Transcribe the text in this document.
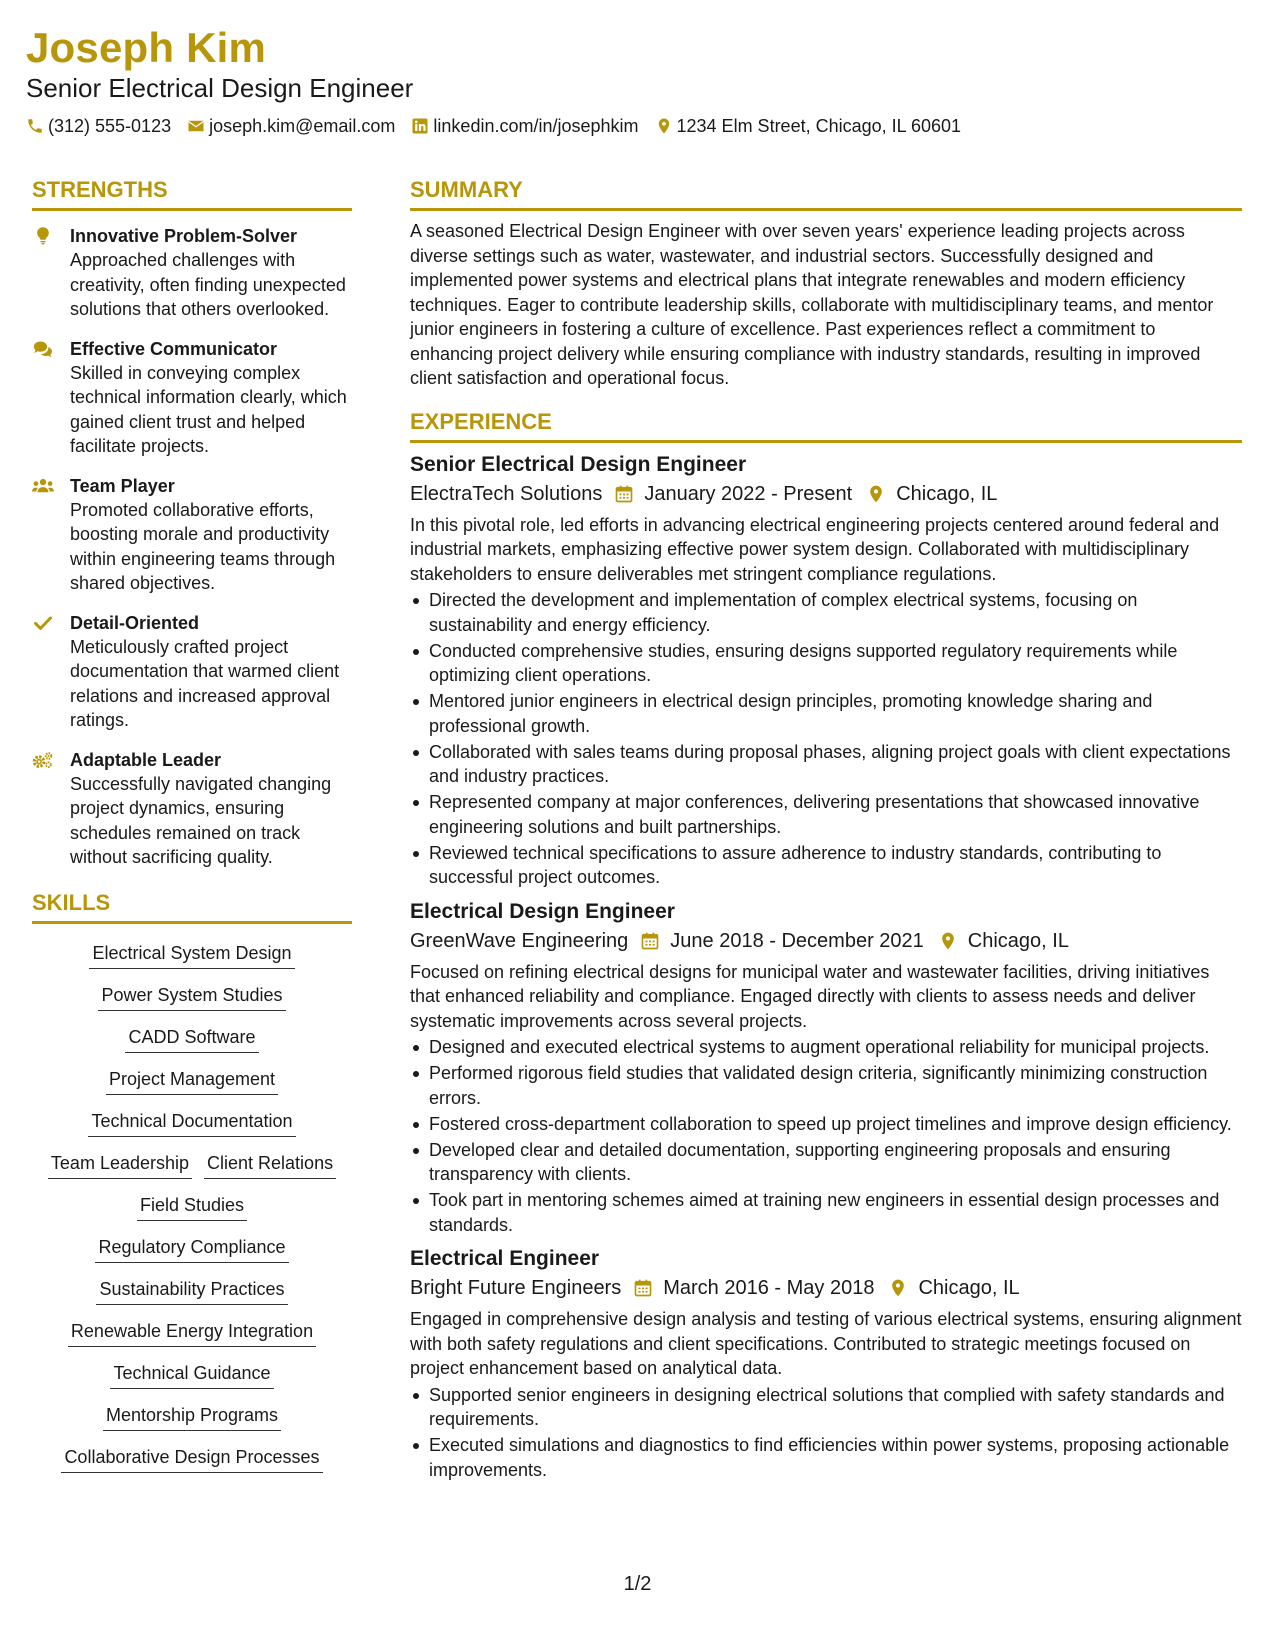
Joseph Kim
Senior Electrical Design Engineer
(312) 555-0123 joseph.kim@email.com linkedin.com/in/josephkim 1234 Elm Street, Chicago, IL 60601
STRENGTHS
Innovative Problem-Solver
Approached challenges with creativity, often finding unexpected solutions that others overlooked.
Effective Communicator
Skilled in conveying complex technical information clearly, which gained client trust and helped facilitate projects.
Team Player
Promoted collaborative efforts, boosting morale and productivity within engineering teams through shared objectives.
Detail-Oriented
Meticulously crafted project documentation that warmed client relations and increased approval ratings.
Adaptable Leader
Successfully navigated changing project dynamics, ensuring schedules remained on track without sacrificing quality.
SKILLS
Electrical System Design
Power System Studies
CADD Software
Project Management
Technical Documentation
Team Leadership Client Relations
Field Studies
Regulatory Compliance
Sustainability Practices
Renewable Energy Integration
Technical Guidance
Mentorship Programs
Collaborative Design Processes
SUMMARY
A seasoned Electrical Design Engineer with over seven years' experience leading projects across diverse settings such as water, wastewater, and industrial sectors. Successfully designed and implemented power systems and electrical plans that integrate renewables and modern efficiency techniques. Eager to contribute leadership skills, collaborate with multidisciplinary teams, and mentor junior engineers in fostering a culture of excellence. Past experiences reflect a commitment to enhancing project delivery while ensuring compliance with industry standards, resulting in improved client satisfaction and operational focus.
EXPERIENCE
Senior Electrical Design Engineer
ElectraTech Solutions January 2022 - Present Chicago, IL
In this pivotal role, led efforts in advancing electrical engineering projects centered around federal and industrial markets, emphasizing effective power system design. Collaborated with multidisciplinary stakeholders to ensure deliverables met stringent compliance regulations.
Directed the development and implementation of complex electrical systems, focusing on sustainability and energy efficiency.
Conducted comprehensive studies, ensuring designs supported regulatory requirements while optimizing client operations.
Mentored junior engineers in electrical design principles, promoting knowledge sharing and professional growth.
Collaborated with sales teams during proposal phases, aligning project goals with client expectations and industry practices.
Represented company at major conferences, delivering presentations that showcased innovative engineering solutions and built partnerships.
Reviewed technical specifications to assure adherence to industry standards, contributing to successful project outcomes.
Electrical Design Engineer
GreenWave Engineering June 2018 - December 2021 Chicago, IL
Focused on refining electrical designs for municipal water and wastewater facilities, driving initiatives that enhanced reliability and compliance. Engaged directly with clients to assess needs and deliver systematic improvements across several projects.
Designed and executed electrical systems to augment operational reliability for municipal projects.
Performed rigorous field studies that validated design criteria, significantly minimizing construction errors.
Fostered cross-department collaboration to speed up project timelines and improve design efficiency.
Developed clear and detailed documentation, supporting engineering proposals and ensuring transparency with clients.
Took part in mentoring schemes aimed at training new engineers in essential design processes and standards.
Electrical Engineer
Bright Future Engineers March 2016 - May 2018 Chicago, IL
Engaged in comprehensive design analysis and testing of various electrical systems, ensuring alignment with both safety regulations and client specifications. Contributed to strategic meetings focused on project enhancement based on analytical data.
Supported senior engineers in designing electrical solutions that complied with safety standards and requirements.
Executed simulations and diagnostics to find efficiencies within power systems, proposing actionable improvements.
1/2
